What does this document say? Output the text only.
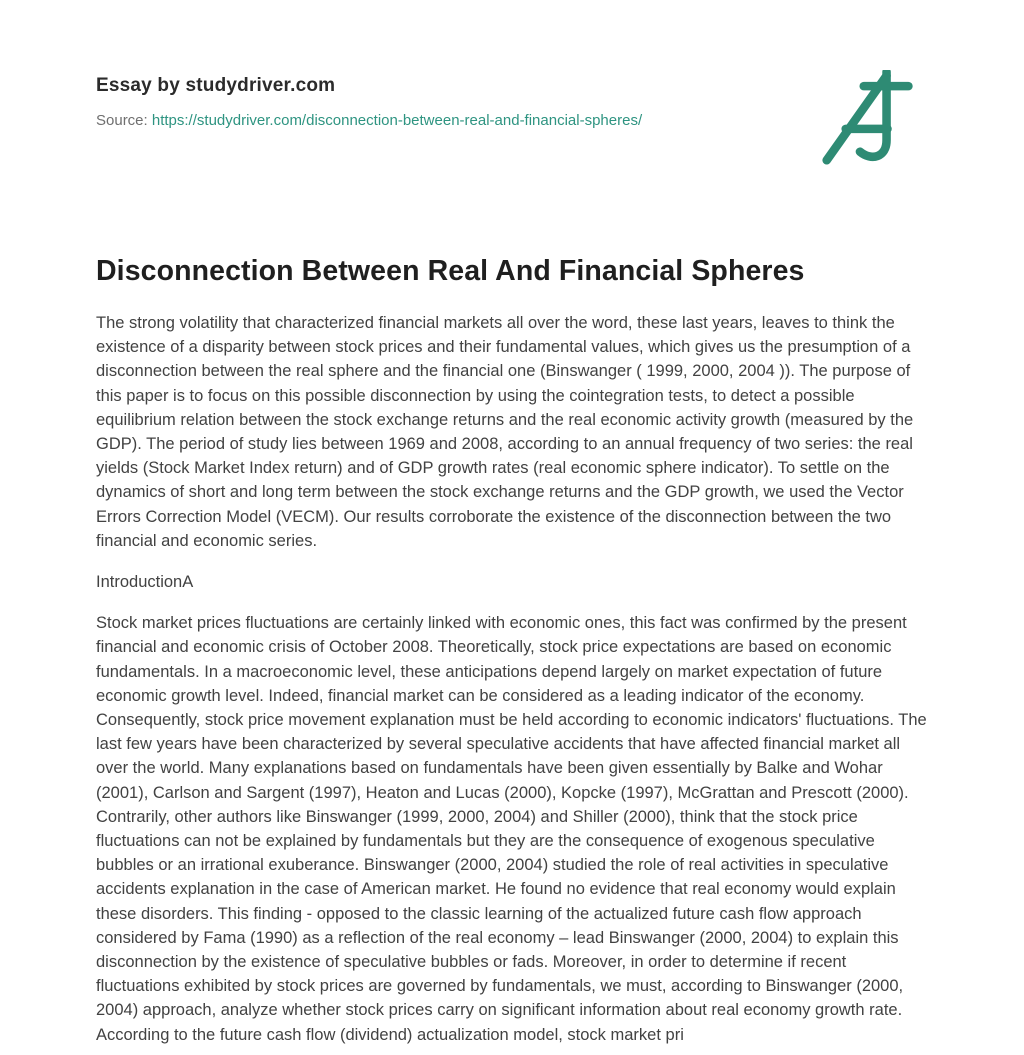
Essay by studydriver.com
Source: https://studydriver.com/disconnection-between-real-and-financial-spheres/
Disconnection Between Real And Financial Spheres

The strong volatility that characterized financial markets all over the word, these last years, leaves to think the existence of a disparity between stock prices and their fundamental values, which gives us the presumption of a disconnection between the real sphere and the financial one (Binswanger ( 1999, 2000, 2004 )). The purpose of this paper is to focus on this possible disconnection by using the cointegration tests, to detect a possible equilibrium relation between the stock exchange returns and the real economic activity growth (measured by the GDP). The period of study lies between 1969 and 2008, according to an annual frequency of two series: the real yields (Stock Market Index return) and of GDP growth rates (real economic sphere indicator). To settle on the dynamics of short and long term between the stock exchange returns and the GDP growth, we used the Vector Errors Correction Model (VECM). Our results corroborate the existence of the disconnection between the two financial and economic series.

IntroductionA

Stock market prices fluctuations are certainly linked with economic ones, this fact was confirmed by the present financial and economic crisis of October 2008. Theoretically, stock price expectations are based on economic fundamentals. In a macroeconomic level, these anticipations depend largely on market expectation of future economic growth level. Indeed, financial market can be considered as a leading indicator of the economy. Consequently, stock price movement explanation must be held according to economic indicators' fluctuations. The last few years have been characterized by several speculative accidents that have affected financial market all over the world. Many explanations based on fundamentals have been given essentially by Balke and Wohar (2001), Carlson and Sargent (1997), Heaton and Lucas (2000), Kopcke (1997), McGrattan and Prescott (2000). Contrarily, other authors like Binswanger (1999, 2000, 2004) and Shiller (2000), think that the stock price fluctuations can not be explained by fundamentals but they are the consequence of exogenous speculative bubbles or an irrational exuberance. Binswanger (2000, 2004) studied the role of real activities in speculative accidents explanation in the case of American market. He found no evidence that real economy would explain these disorders. This finding - opposed to the classic learning of the actualized future cash flow approach considered by Fama (1990) as a reflection of the real economy – lead Binswanger (2000, 2004) to explain this disconnection by the existence of speculative bubbles or fads. Moreover, in order to determine if recent fluctuations exhibited by stock prices are governed by fundamentals, we must, according to Binswanger (2000, 2004) approach, analyze whether stock prices carry on significant information about real economy growth rate. According to the future cash flow (dividend) actualization model, stock market pri
